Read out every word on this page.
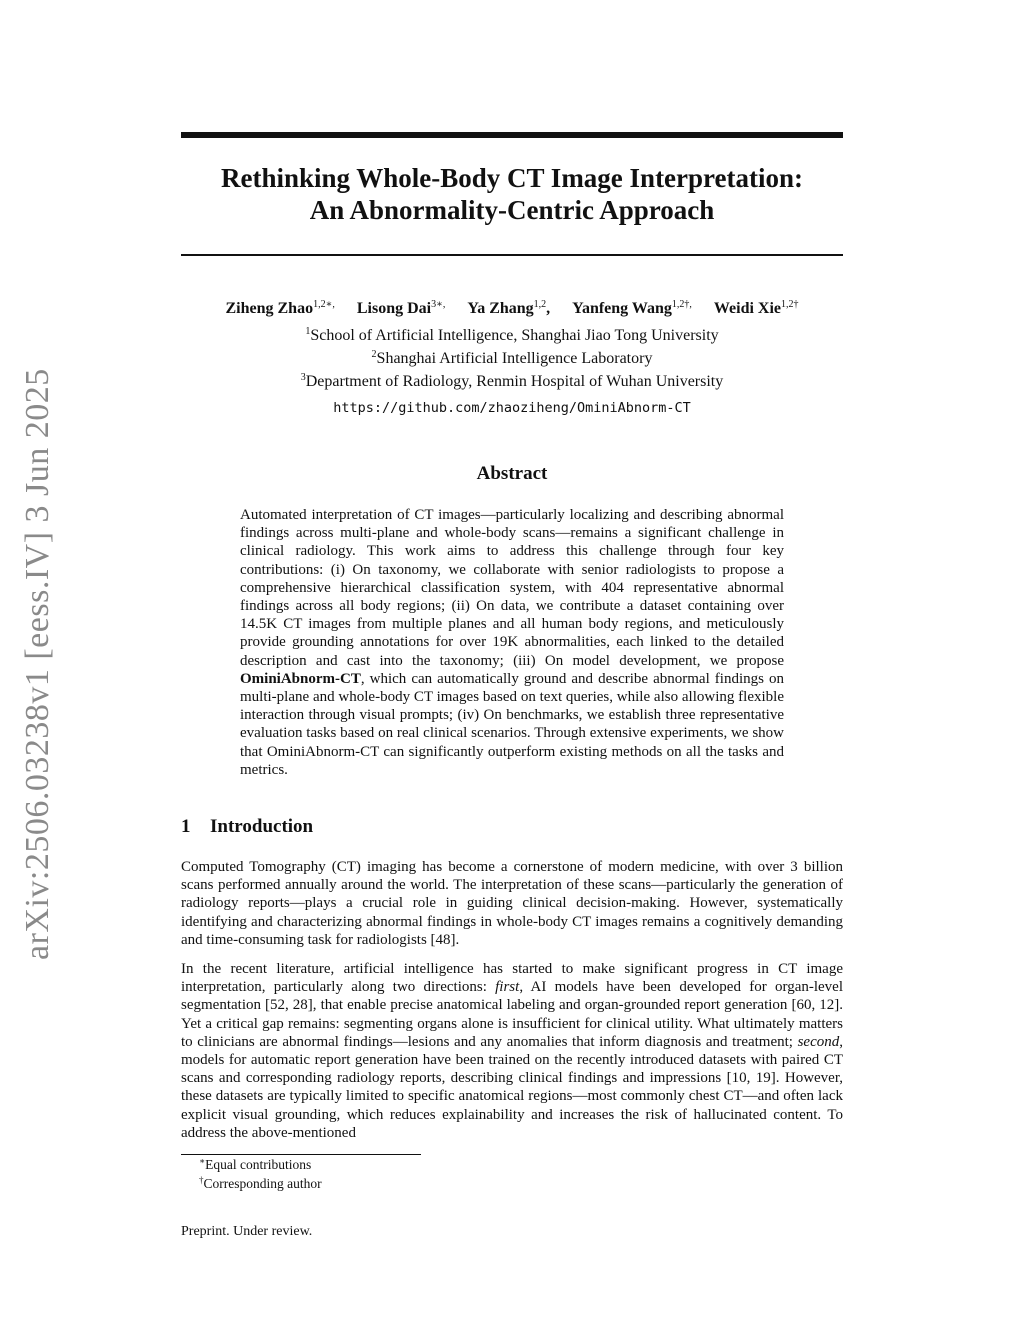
arXiv:2506.03238v1 [eess.IV] 3 Jun 2025
Rethinking Whole-Body CT Image Interpretation:
An Abnormality-Centric Approach
Ziheng Zhao$^{1,2∗,}$ Lisong Dai$^{3∗,}$ Ya Zhang$^{1,2}$, Yanfeng Wang$^{1,2\dagger,}$ Weidi Xie$^{1,2\dagger}$
$^1$School of Artificial Intelligence, Shanghai Jiao Tong University
$^2$Shanghai Artificial Intelligence Laboratory
$^3$Department of Radiology, Renmin Hospital of Wuhan University
https://github.com/zhaoziheng/OminiAbnorm-CT
Abstract
Automated interpretation of CT images—particularly localizing and describing abnormal findings across multi-plane and whole-body scans—remains a significant challenge in clinical radiology. This work aims to address this challenge through four key contributions: (i) On taxonomy, we collaborate with senior radiologists to propose a comprehensive hierarchical classification system, with 404 representative abnormal findings across all body regions; (ii) On data, we contribute a dataset containing over 14.5K CT images from multiple planes and all human body regions, and meticulously provide grounding annotations for over 19K abnormalities, each linked to the detailed description and cast into the taxonomy; (iii) On model development, we propose OminiAbnorm-CT, which can automatically ground and describe abnormal findings on multi-plane and whole-body CT images based on text queries, while also allowing flexible interaction through visual prompts; (iv) On benchmarks, we establish three representative evaluation tasks based on real clinical scenarios. Through extensive experiments, we show that OminiAbnorm-CT can significantly outperform existing methods on all the tasks and metrics.
1 Introduction
Computed Tomography (CT) imaging has become a cornerstone of modern medicine, with over 3 billion scans performed annually around the world. The interpretation of these scans—particularly the generation of radiology reports—plays a crucial role in guiding clinical decision-making. However, systematically identifying and characterizing abnormal findings in whole-body CT images remains a cognitively demanding and time-consuming task for radiologists [48].
In the recent literature, artificial intelligence has started to make significant progress in CT image interpretation, particularly along two directions: first, AI models have been developed for organ-level segmentation [52, 28], that enable precise anatomical labeling and organ-grounded report generation [60, 12]. Yet a critical gap remains: segmenting organs alone is insufficient for clinical utility. What ultimately matters to clinicians are abnormal findings—lesions and any anomalies that inform diagnosis and treatment; second, models for automatic report generation have been trained on the recently introduced datasets with paired CT scans and corresponding radiology reports, describing clinical findings and impressions [10, 19]. However, these datasets are typically limited to specific anatomical regions—most commonly chest CT—and often lack explicit visual grounding, which reduces explainability and increases the risk of hallucinated content. To address the above-mentioned
∗Equal contributions
†Corresponding author
Preprint. Under review.
